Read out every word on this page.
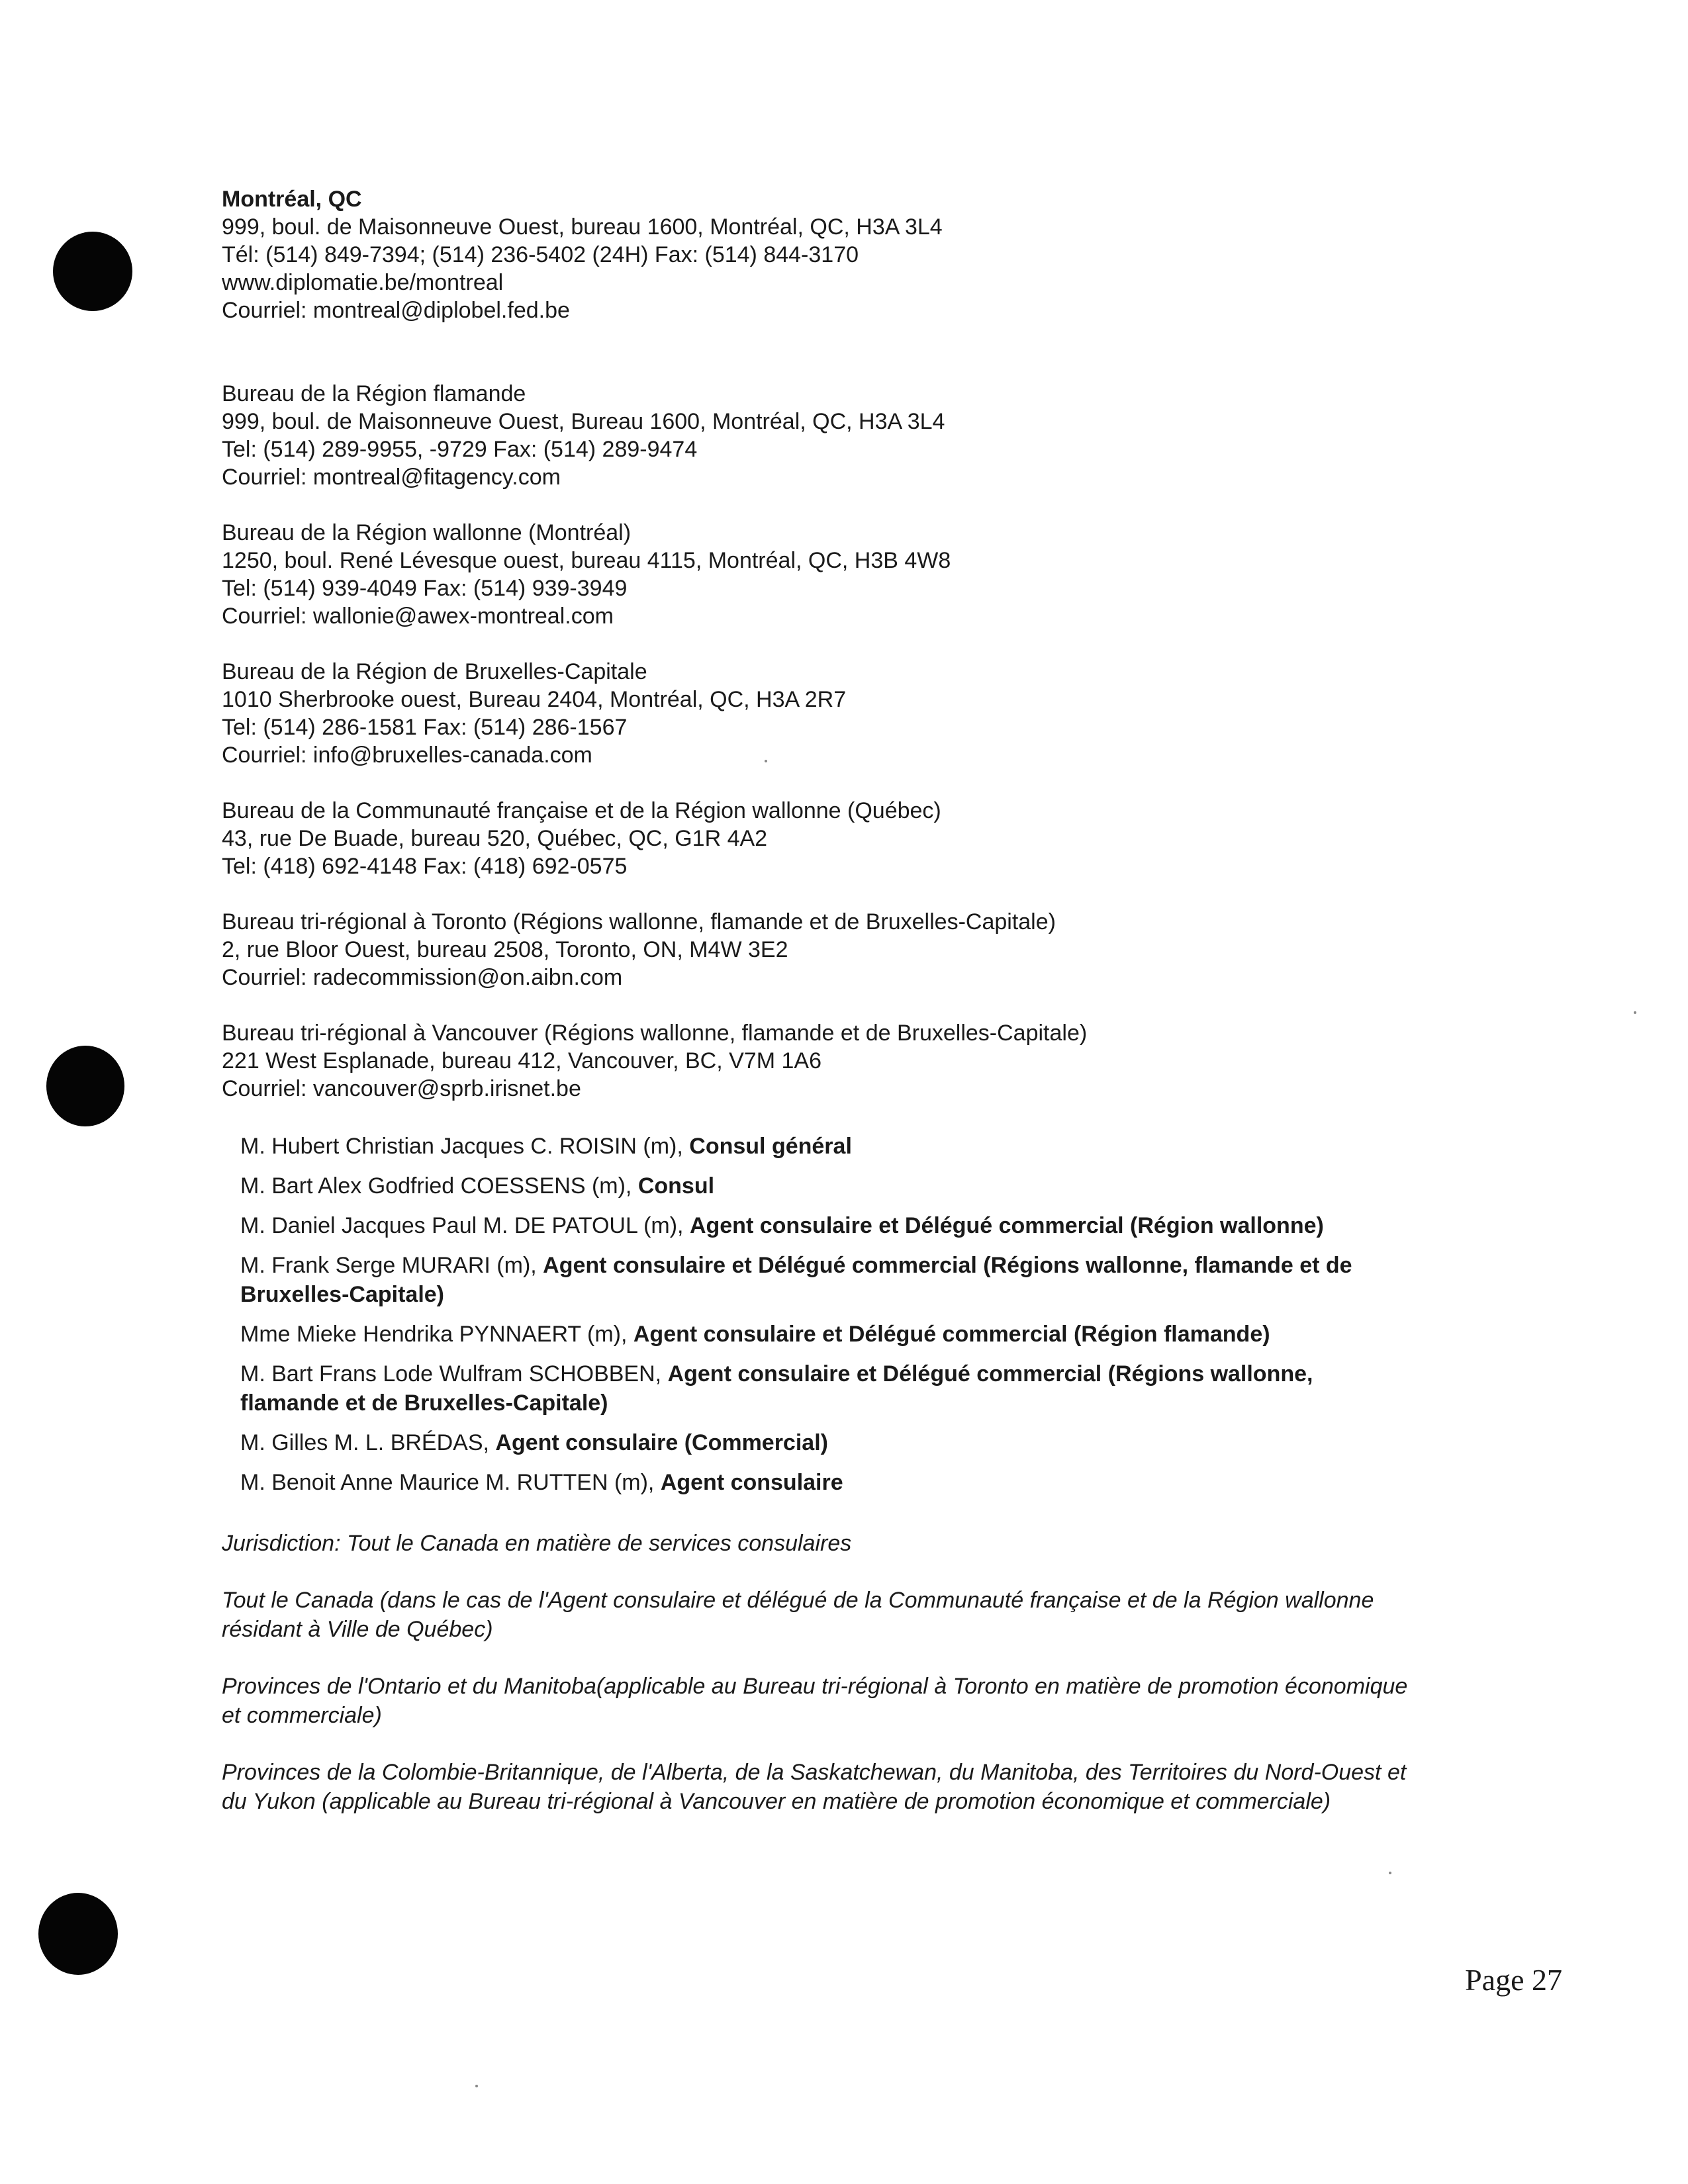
Montréal, QC
999, boul. de Maisonneuve Ouest, bureau 1600, Montréal, QC, H3A 3L4
Tél: (514) 849-7394; (514) 236-5402 (24H) Fax: (514) 844-3170
www.diplomatie.be/montreal
Courriel: montreal@diplobel.fed.be
Bureau de la Région flamande
999, boul. de Maisonneuve Ouest, Bureau 1600, Montréal, QC, H3A 3L4
Tel: (514) 289-9955, -9729 Fax: (514) 289-9474
Courriel: montreal@fitagency.com
Bureau de la Région wallonne (Montréal)
1250, boul. René Lévesque ouest, bureau 4115, Montréal, QC, H3B 4W8
Tel: (514) 939-4049 Fax: (514) 939-3949
Courriel: wallonie@awex-montreal.com
Bureau de la Région de Bruxelles-Capitale
1010 Sherbrooke ouest, Bureau 2404, Montréal, QC, H3A 2R7
Tel: (514) 286-1581 Fax: (514) 286-1567
Courriel: info@bruxelles-canada.com
Bureau de la Communauté française et de la Région wallonne (Québec)
43, rue De Buade, bureau 520, Québec, QC, G1R 4A2
Tel: (418) 692-4148 Fax: (418) 692-0575
Bureau tri-régional à Toronto (Régions wallonne, flamande et de Bruxelles-Capitale)
2, rue Bloor Ouest, bureau 2508, Toronto, ON, M4W 3E2
Courriel: radecommission@on.aibn.com
Bureau tri-régional à Vancouver (Régions wallonne, flamande et de Bruxelles-Capitale)
221 West Esplanade, bureau 412, Vancouver, BC, V7M 1A6
Courriel: vancouver@sprb.irisnet.be
M. Hubert Christian Jacques C. ROISIN (m), Consul général
M. Bart Alex Godfried COESSENS (m), Consul
M. Daniel Jacques Paul M. DE PATOUL (m), Agent consulaire et Délégué commercial (Région wallonne)
M. Frank Serge MURARI (m), Agent consulaire et Délégué commercial (Régions wallonne, flamande et de Bruxelles-Capitale)
Mme Mieke Hendrika PYNNAERT (m), Agent consulaire et Délégué commercial (Région flamande)
M. Bart Frans Lode Wulfram SCHOBBEN, Agent consulaire et Délégué commercial (Régions wallonne, flamande et de Bruxelles-Capitale)
M. Gilles M. L. BRÉDAS, Agent consulaire (Commercial)
M. Benoit Anne Maurice M. RUTTEN (m), Agent consulaire
Jurisdiction: Tout le Canada en matière de services consulaires
Tout le Canada (dans le cas de l'Agent consulaire et délégué de la Communauté française et de la Région wallonne résidant à Ville de Québec)
Provinces de l'Ontario et du Manitoba(applicable au Bureau tri-régional à Toronto en matière de promotion économique et commerciale)
Provinces de la Colombie-Britannique, de l'Alberta, de la Saskatchewan, du Manitoba, des Territoires du Nord-Ouest et du Yukon (applicable au Bureau tri-régional à Vancouver en matière de promotion économique et commerciale)
Page 27
